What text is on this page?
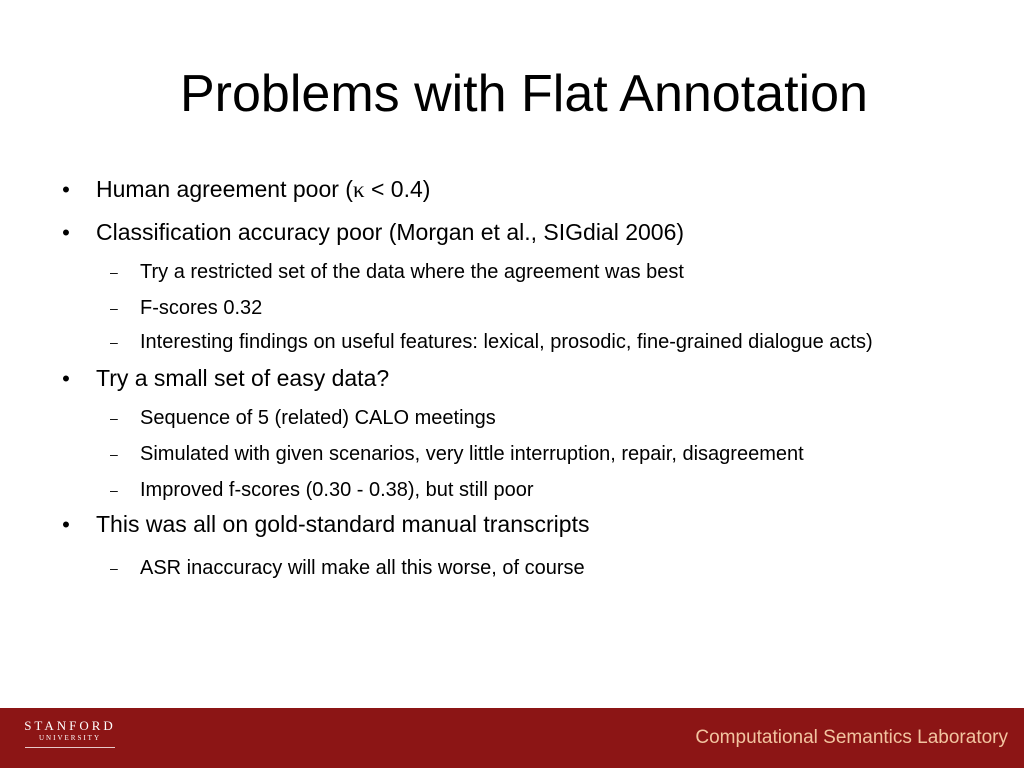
Problems with Flat Annotation
• Human agreement poor (κ < 0.4)
• Classification accuracy poor (Morgan et al., SIGdial 2006)
– Try a restricted set of the data where the agreement was best
– F-scores 0.32
– Interesting findings on useful features: lexical, prosodic, fine-grained dialogue acts)
• Try a small set of easy data?
– Sequence of 5 (related) CALO meetings
– Simulated with given scenarios, very little interruption, repair, disagreement
– Improved f-scores (0.30 - 0.38), but still poor
• This was all on gold-standard manual transcripts
– ASR inaccuracy will make all this worse, of course
STANFORD
UNIVERSITY	Computational Semantics Laboratory
